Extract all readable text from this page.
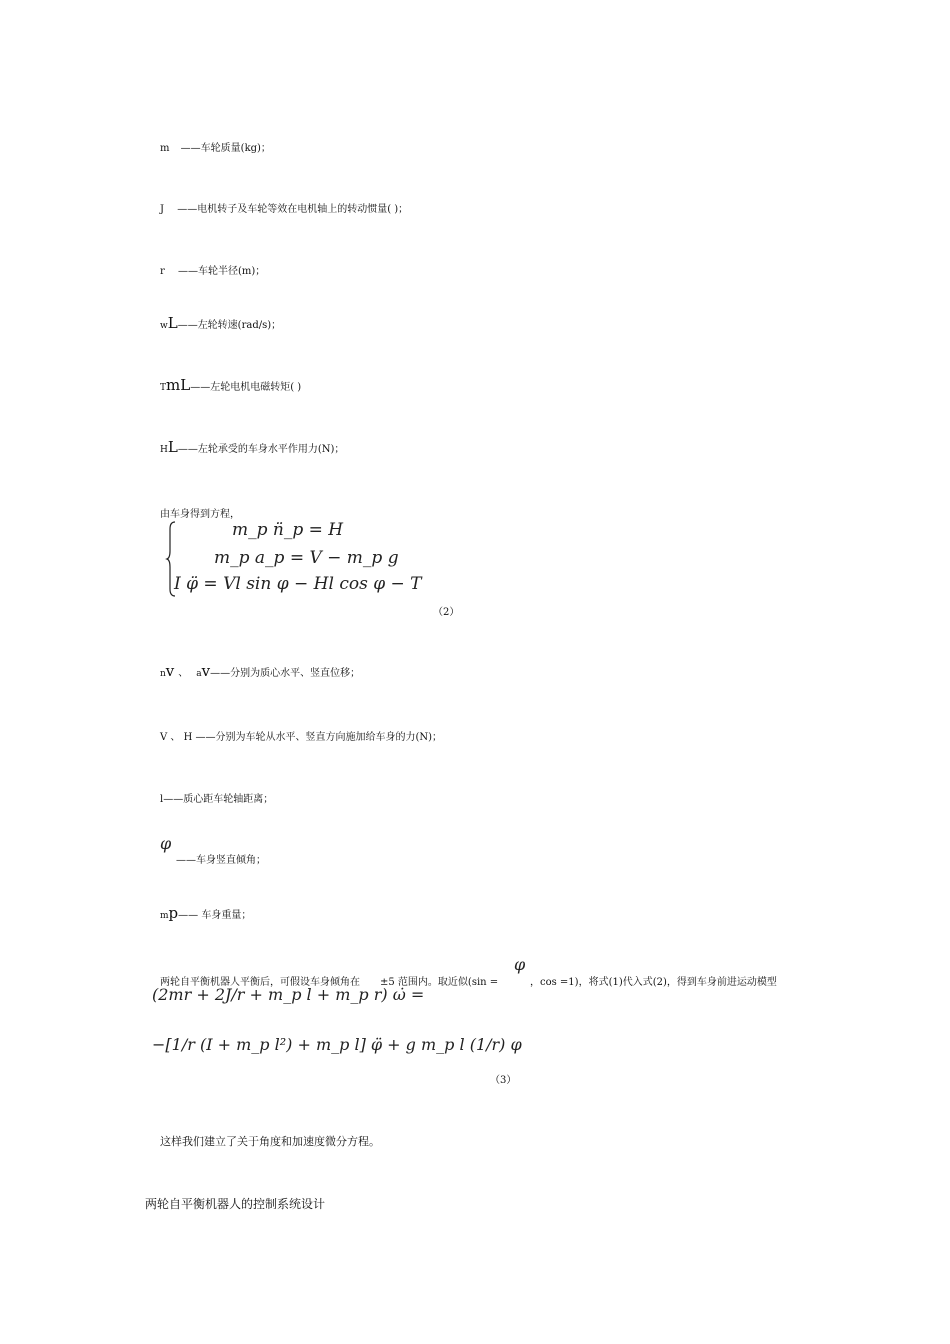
m ——车轮质量(kg)；
J ——电机转子及车轮等效在电机轴上的转动惯量( )；
r ——车轮半径(m)；
wL——左轮转速(rad/s)；
TmL——左轮电机电磁转矩( )
HL——左轮承受的车身水平作用力(N)；
由车身得到方程，
m_p n̈_p = H
m_p a_p = V − m_p g
I φ̈ = Vl sin φ − Hl cos φ − T
（2）
nv 、 av——分别为质心水平、竖直位移；
V 、 H ——分别为车轮从水平、竖直方向施加给车身的力(N)；
l——质心距车轮轴距离；
φ
——车身竖直倾角；
mp—— 车身重量；
两轮自平衡机器人平衡后，可假设车身倾角在 ±5 范围内。取近似(sin =
φ
，cos =1)，将式(1)代入式(2)，得到车身前进运动模型
(2mr + 2J/r + m_p l + m_p r) ω̇ =
−[1/r (I + m_p l²) + m_p l] φ̈ + g m_p l (1/r) φ
（3）
这样我们建立了关于角度和加速度微分方程。
两轮自平衡机器人的控制系统设计
